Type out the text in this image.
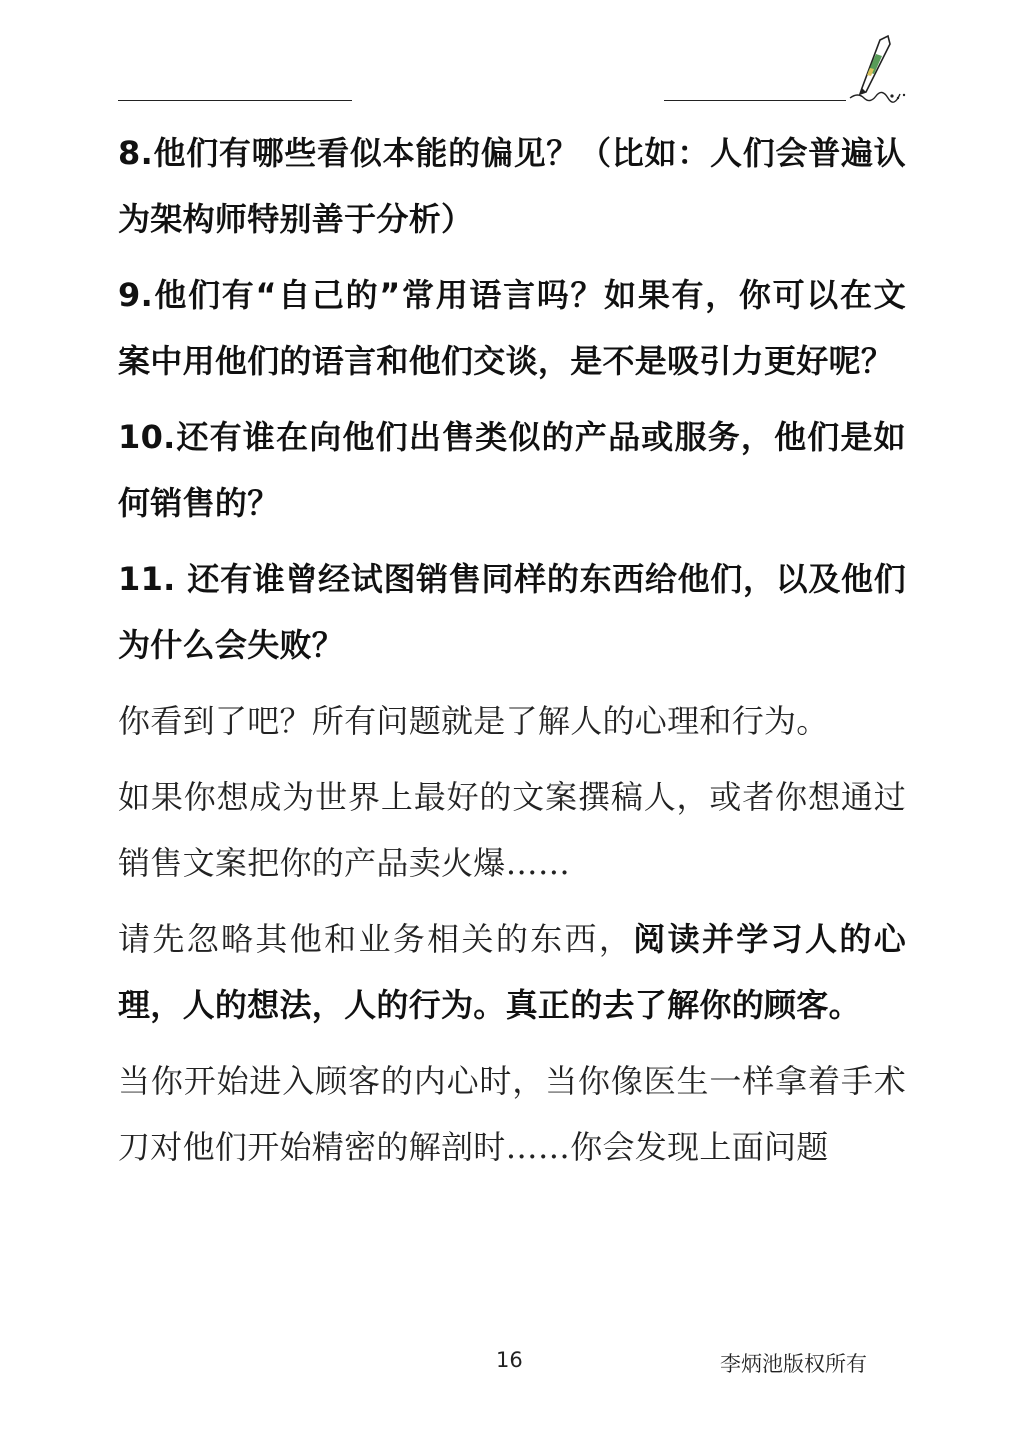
8.他们有哪些看似本能的偏见？（比如：人们会普遍认为架构师特别善于分析）

9.他们有“自己的”常用语言吗？如果有，你可以在文案中用他们的语言和他们交谈，是不是吸引力更好呢？

10.还有谁在向他们出售类似的产品或服务，他们是如何销售的？

11. 还有谁曾经试图销售同样的东西给他们，以及他们为什么会失败？

你看到了吧？所有问题就是了解人的心理和行为。

如果你想成为世界上最好的文案撰稿人，或者你想通过销售文案把你的产品卖火爆……

请先忽略其他和业务相关的东西，阅读并学习人的心理，人的想法，人的行为。真正的去了解你的顾客。

当你开始进入顾客的内心时，当你像医生一样拿着手术刀对他们开始精密的解剖时……你会发现上面问题

16	李炳池版权所有
